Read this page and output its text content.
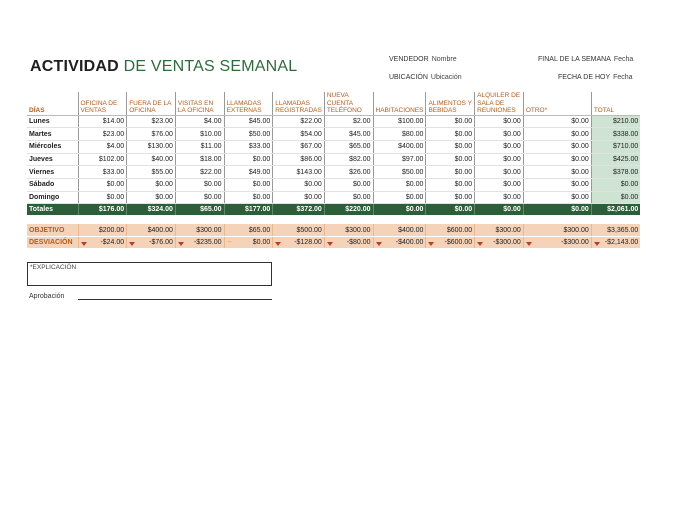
ACTIVIDAD DE VENTAS SEMANAL	VENDEDOR Nombre	FINAL DE LA SEMANA Fecha
UBICACIÓN Ubicación	FECHA DE HOY Fecha
DÍAS	OFICINA DE VENTAS	FUERA DE LA OFICINA	VISITAS EN LA OFICINA	LLAMADAS EXTERNAS	LLAMADAS REGISTRADAS	NUEVA CUENTA TELÉFONO	HABITACIONES	ALIMENTOS Y BEBIDAS	ALQUILER DE SALA DE REUNIONES	OTRO*	TOTAL
Lunes	$14.00	$23.00	$4.00	$45.00	$22.00	$2.00	$100.00	$0.00	$0.00	$0.00	$210.00
Martes	$23.00	$76.00	$10.00	$50.00	$54.00	$45.00	$80.00	$0.00	$0.00	$0.00	$338.00
Miércoles	$4.00	$130.00	$11.00	$33.00	$67.00	$65.00	$400.00	$0.00	$0.00	$0.00	$710.00
Jueves	$102.00	$40.00	$18.00	$0.00	$86.00	$82.00	$97.00	$0.00	$0.00	$0.00	$425.00
Viernes	$33.00	$55.00	$22.00	$49.00	$143.00	$26.00	$50.00	$0.00	$0.00	$0.00	$378.00
Sábado	$0.00	$0.00	$0.00	$0.00	$0.00	$0.00	$0.00	$0.00	$0.00	$0.00	$0.00
Domingo	$0.00	$0.00	$0.00	$0.00	$0.00	$0.00	$0.00	$0.00	$0.00	$0.00	$0.00
Totales	$176.00	$324.00	$65.00	$177.00	$372.00	$220.00	$0.00	$0.00	$0.00	$0.00	$2,061.00

OBJETIVO	$200.00	$400.00	$300.00	$65.00	$500.00	$300.00	$400.00	$600.00	$300.00	$300.00	$3,365.00
DESVIACIÓN	-$24.00	-$76.00	-$235.00	⇔ $0.00	-$128.00	-$80.00	-$400.00	-$600.00	-$300.00	-$300.00	-$2,143.00
*EXPLICACIÓN
Aprobación
